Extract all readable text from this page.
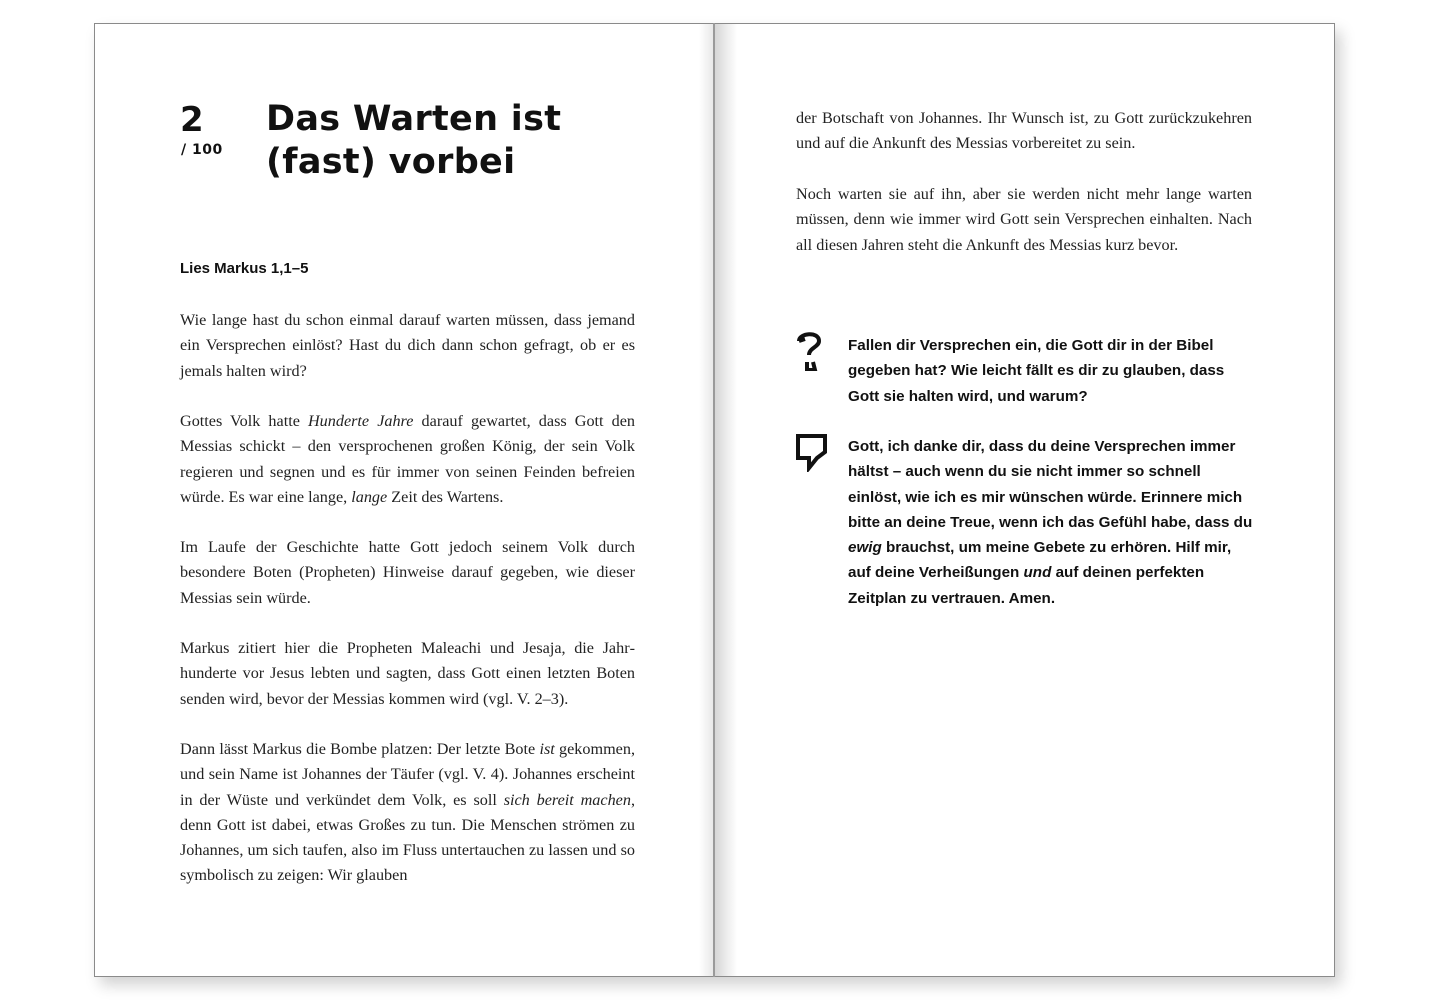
2
/ 100
Das Warten ist
(fast) vorbei
Lies Markus 1,1–5

Wie lange hast du schon einmal darauf warten müssen, dass jemand ein Versprechen einlöst? Hast du dich dann schon gefragt, ob er es jemals halten wird?

Gottes Volk hatte Hunderte Jahre darauf gewartet, dass Gott den Messias schickt – den versprochenen großen König, der sein Volk regieren und segnen und es für immer von seinen Feinden befreien würde. Es war eine lange, lange Zeit des Wartens.

Im Laufe der Geschichte hatte Gott jedoch seinem Volk durch besondere Boten (Propheten) Hinweise darauf gegeben, wie dieser Messias sein würde.

Markus zitiert hier die Propheten Maleachi und Jesaja, die Jahrhunderte vor Jesus lebten und sagten, dass Gott einen letzten Boten senden wird, bevor der Messias kommen wird (vgl. V. 2–3).

Dann lässt Markus die Bombe platzen: Der letzte Bote ist gekommen, und sein Name ist Johannes der Täufer (vgl. V. 4). Johannes erscheint in der Wüste und verkündet dem Volk, es soll sich bereit machen, denn Gott ist dabei, etwas Großes zu tun. Die Menschen strömen zu Johannes, um sich taufen, also im Fluss untertauchen zu lassen und so symbolisch zu zeigen: Wir glauben

der Botschaft von Johannes. Ihr Wunsch ist, zu Gott zurückzukehren und auf die Ankunft des Messias vorbereitet zu sein.

Noch warten sie auf ihn, aber sie werden nicht mehr lange warten müssen, denn wie immer wird Gott sein Versprechen einhalten. Nach all diesen Jahren steht die Ankunft des Messias kurz bevor.

Fallen dir Versprechen ein, die Gott dir in der Bibel gegeben hat? Wie leicht fällt es dir zu glauben, dass Gott sie halten wird, und warum?

Gott, ich danke dir, dass du deine Versprechen immer hältst – auch wenn du sie nicht immer so schnell einlöst, wie ich es mir wünschen würde. Erinnere mich bitte an deine Treue, wenn ich das Gefühl habe, dass du ewig brauchst, um meine Gebete zu erhören. Hilf mir, auf deine Verheißungen und auf deinen perfekten Zeitplan zu vertrauen. Amen.
